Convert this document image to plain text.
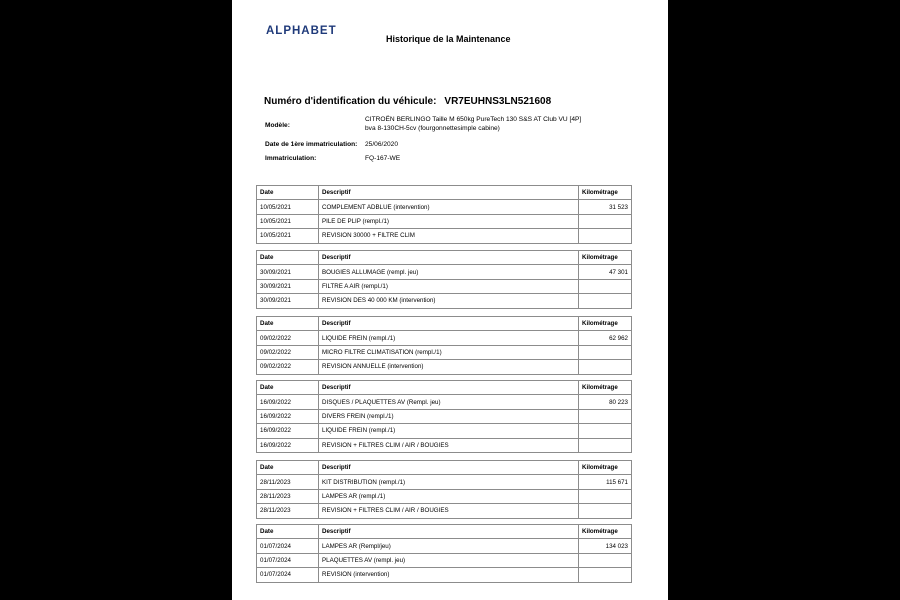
ALPHABET
Historique de la Maintenance
Numéro d'identification du véhicule: VR7EUHNS3LN521608
Modèle:
CITROËN BERLINGO Taille M 650kg PureTech 130 S&S AT Club VU [4P]
bva 8-130CH-5cv (fourgonnettesimple cabine)
Date de 1ère immatriculation: 25/06/2020
Immatriculation:	FQ-167-WE
Date	Descriptif	Kilométrage
10/05/2021	COMPLEMENT ADBLUE (intervention)	31 523
10/05/2021	PILE DE PLIP (rempl./1)	
10/05/2021	REVISION 30000 + FILTRE CLIM	
Date	Descriptif	Kilométrage
30/09/2021	BOUGIES ALLUMAGE (rempl. jeu)	47 301
30/09/2021	FILTRE A AIR (rempl./1)	
30/09/2021	REVISION DES 40 000 KM (intervention)	
Date	Descriptif	Kilométrage
09/02/2022	LIQUIDE FREIN (rempl./1)	62 962
09/02/2022	MICRO FILTRE CLIMATISATION (rempl./1)	
09/02/2022	REVISION ANNUELLE (intervention)	
Date	Descriptif	Kilométrage
16/09/2022	DISQUES / PLAQUETTES AV (Rempl. jeu)	80 223
16/09/2022	DIVERS FREIN (rempl./1)	
16/09/2022	LIQUIDE FREIN (rempl./1)	
16/09/2022	REVISION + FILTRES CLIM / AIR / BOUGIES	
Date	Descriptif	Kilométrage
28/11/2023	KIT DISTRIBUTION (rempl./1)	115 671
28/11/2023	LAMPES AR (rempl./1)	
28/11/2023	REVISION + FILTRES CLIM / AIR / BOUGIES	
Date	Descriptif	Kilométrage
01/07/2024	LAMPES AR (Rempl/jeu)	134 023
01/07/2024	PLAQUETTES AV (rempl. jeu)	
01/07/2024	REVISION (intervention)	
